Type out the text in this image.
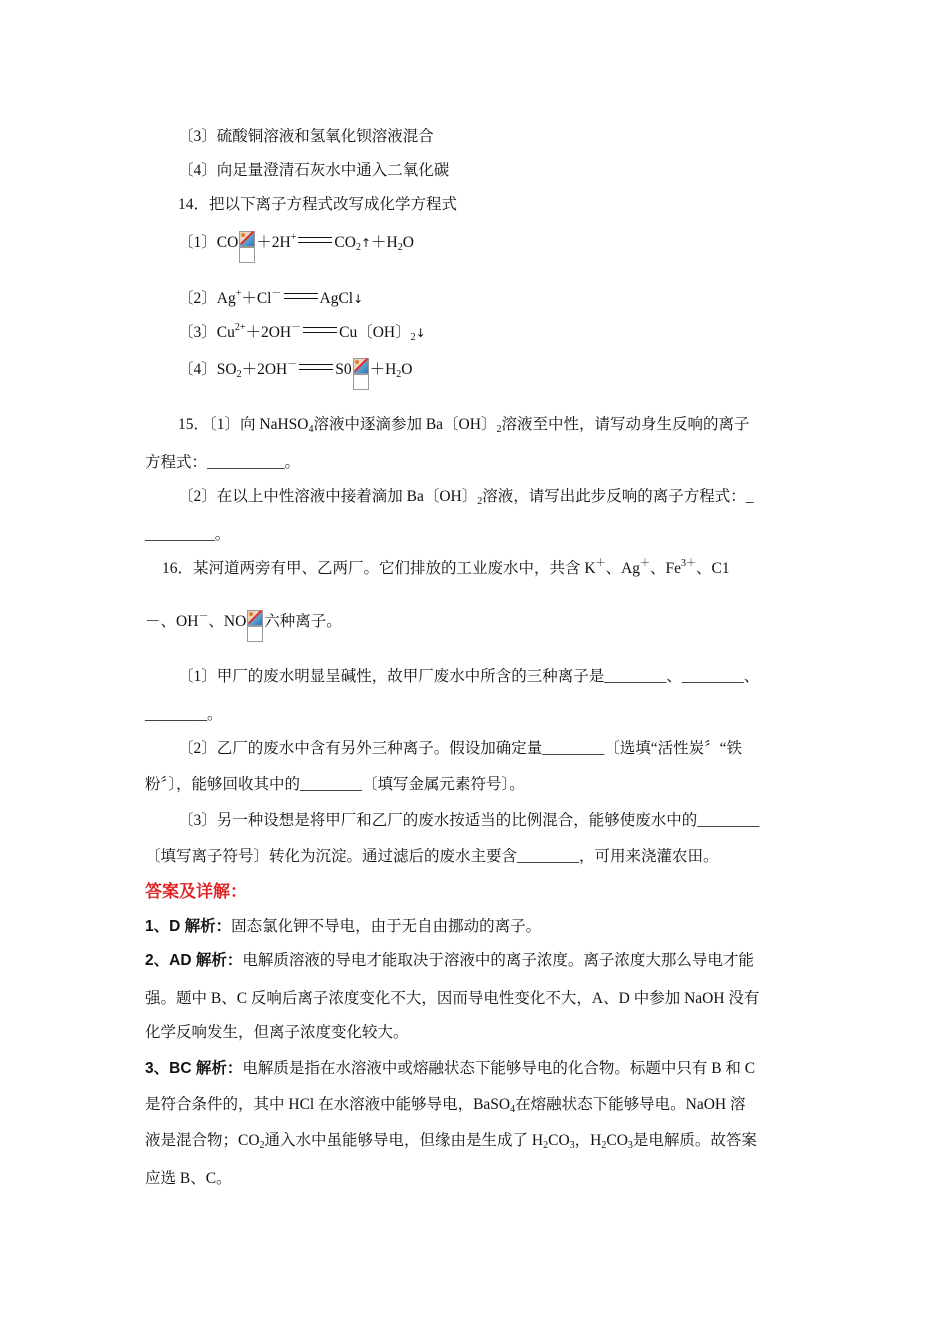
〔3〕硫酸铜溶液和氢氧化钡溶液混合
〔4〕向足量澄清石灰水中通入二氧化碳
14．把以下离子方程式改写成化学方程式
〔1〕CO ＋2H+ $CO_2↑+H_2O$
〔2〕Ag+＋Cl－ AgCl↓
〔3〕$Cu^{2+}+2OH^-$ Cu〔OH〕$_2$↓
〔4〕$SO_2+2OH^-$ $S0 +H_2O$
15．〔1〕向 NaHSO$_4$溶液中逐滴参加 Ba〔OH〕$_2$溶液至中性，请写动身生反响的离子
方程式：__________。
〔2〕在以上中性溶液中接着滴加 Ba〔OH〕$_2$溶液，请写出此步反响的离子方程式：_
_________。
16．某河道两旁有甲、乙两厂。它们排放的工业废水中，共含 K＋、Ag＋、$Fe^{3+}$、C1
－、OH－、NO 六种离子。
〔1〕甲厂的废水明显呈碱性，故甲厂废水中所含的三种离子是________、________、
________。
〔2〕乙厂的废水中含有另外三种离子。假设加确定量________〔选填“活性炭〞“铁
粉〞〕，能够回收其中的________〔填写金属元素符号〕。
〔3〕另一种设想是将甲厂和乙厂的废水按适当的比例混合，能够使废水中的________
〔填写离子符号〕转化为沉淀。通过滤后的废水主要含________，可用来浇灌农田。
答案及详解：
1、D 解析：固态氯化钾不导电，由于无自由挪动的离子。
2、AD 解析：电解质溶液的导电才能取决于溶液中的离子浓度。离子浓度大那么导电才能
强。题中 B、C 反响后离子浓度变化不大，因而导电性变化不大，A、D 中参加 NaOH 没有
化学反响发生，但离子浓度变化较大。
3、BC 解析：电解质是指在水溶液中或熔融状态下能够导电的化合物。标题中只有 B 和 C
是符合条件的，其中 HCl 在水溶液中能够导电，BaSO$_4$在熔融状态下能够导电。NaOH 溶
液是混合物；$CO_2$通入水中虽能够导电，但缘由是生成了 $H_2CO_3$，$H_2CO_3$是电解质。故答案
应选 B、C。
